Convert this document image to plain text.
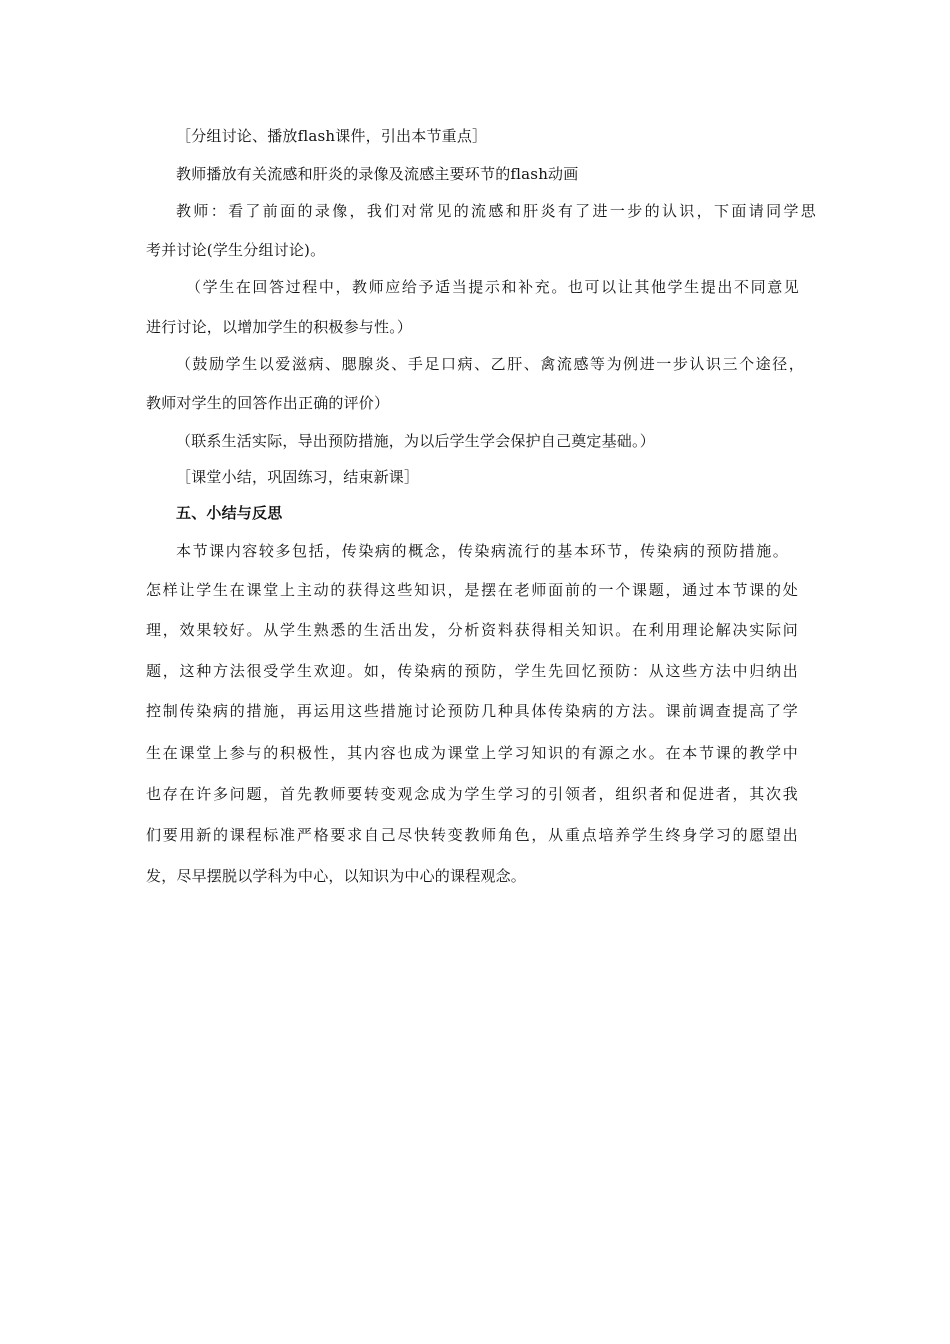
［分组讨论、播放flash课件，引出本节重点］
教师播放有关流感和肝炎的录像及流感主要环节的flash动画
教师：看了前面的录像，我们对常见的流感和肝炎有了进一步的认识，下面请同学思
考并讨论(学生分组讨论)。
（学生在回答过程中，教师应给予适当提示和补充。也可以让其他学生提出不同意见
进行讨论，以增加学生的积极参与性。）
（鼓励学生以爱滋病、腮腺炎、手足口病、乙肝、禽流感等为例进一步认识三个途径，
教师对学生的回答作出正确的评价）
（联系生活实际，导出预防措施，为以后学生学会保护自己奠定基础。）
［课堂小结，巩固练习，结束新课］
五、小结与反思
本节课内容较多包括，传染病的概念，传染病流行的基本环节，传染病的预防措施。
怎样让学生在课堂上主动的获得这些知识，是摆在老师面前的一个课题，通过本节课的处
理，效果较好。从学生熟悉的生活出发，分析资料获得相关知识。在利用理论解决实际问
题，这种方法很受学生欢迎。如，传染病的预防，学生先回忆预防：从这些方法中归纳出
控制传染病的措施，再运用这些措施讨论预防几种具体传染病的方法。课前调查提高了学
生在课堂上参与的积极性，其内容也成为课堂上学习知识的有源之水。在本节课的教学中
也存在许多问题，首先教师要转变观念成为学生学习的引领者，组织者和促进者，其次我
们要用新的课程标准严格要求自己尽快转变教师角色，从重点培养学生终身学习的愿望出
发，尽早摆脱以学科为中心，以知识为中心的课程观念。
